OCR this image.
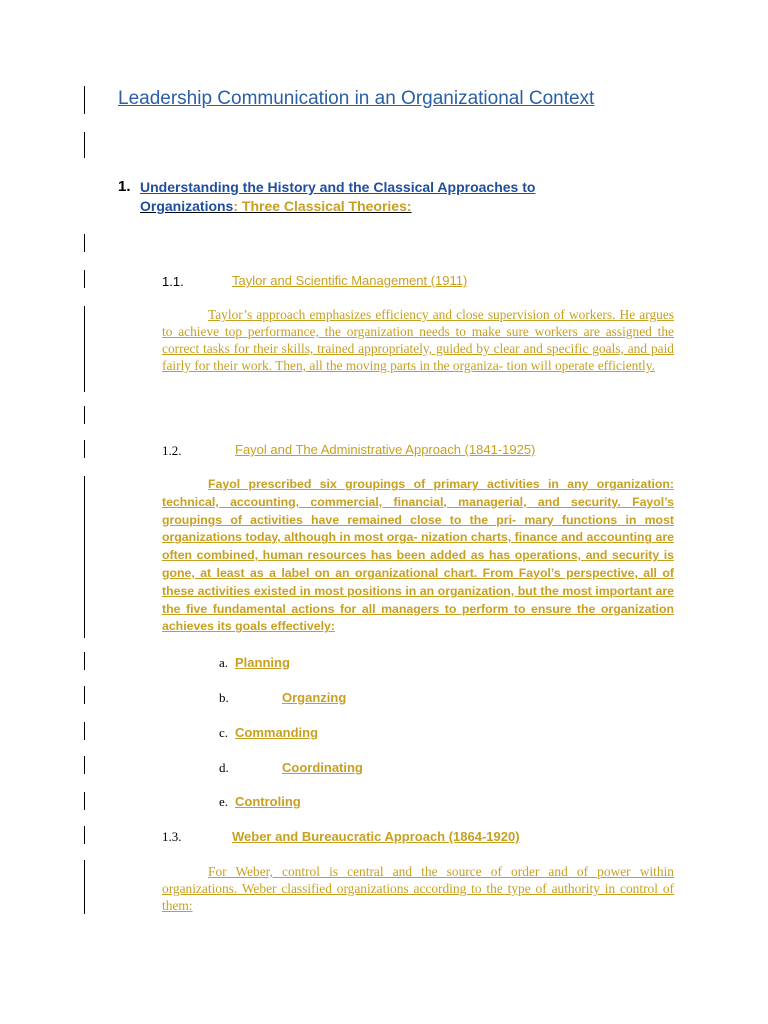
Leadership Communication in an Organizational Context
1. Understanding the History and the Classical Approaches to
Organizations: Three Classical Theories:
1.1.	Taylor and Scientific Management (1911)
Taylor’s approach emphasizes efficiency and close supervision of workers. He argues to achieve top performance, the organization needs to make sure workers are assigned the correct tasks for their skills, trained appropriately, guided by clear and specific goals, and paid fairly for their work. Then, all the moving parts in the organiza- tion will operate efficiently.
1.2.	Fayol and The Administrative Approach (1841-1925)
Fayol prescribed six groupings of primary activities in any organization: technical, accounting, commercial, financial, managerial, and security. Fayol’s groupings of activities have remained close to the pri- mary functions in most organizations today, although in most orga- nization charts, finance and accounting are often combined, human resources has been added as has operations, and security is gone, at least as a label on an organizational chart. From Fayol’s perspective, all of these activities existed in most positions in an organization, but the most important are the five fundamental actions for all managers to perform to ensure the organization achieves its goals effectively:
a. Planning
b.	Organzing
c. Commanding
d.	Coordinating
e. Controling
1.3.	Weber and Bureaucratic Approach (1864-1920)
For Weber, control is central and the source of order and of power within organizations. Weber classified organizations according to the type of authority in control of them:
